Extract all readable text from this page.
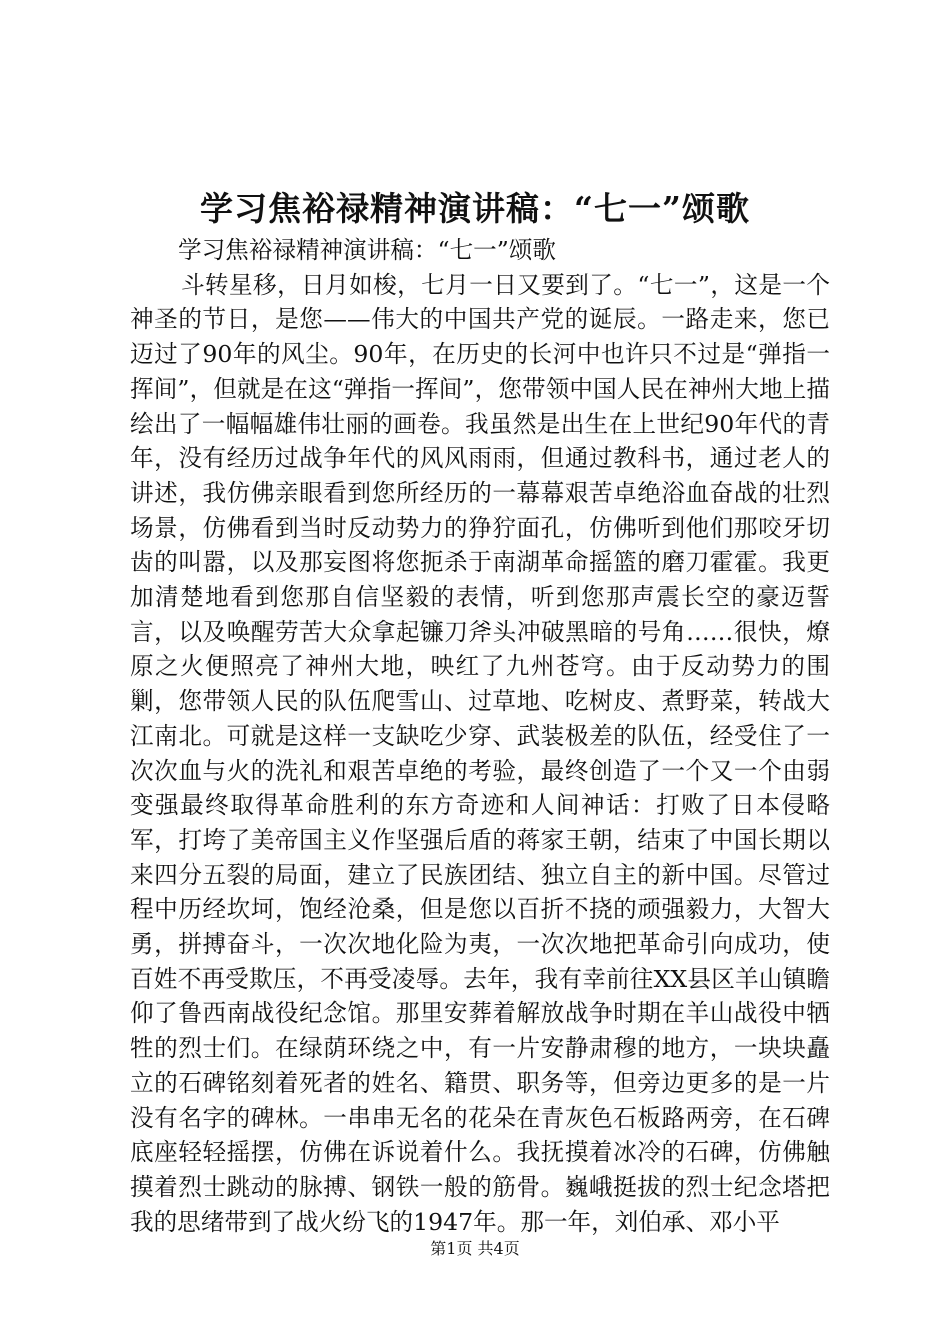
学习焦裕禄精神演讲稿：“七一”颂歌
学习焦裕禄精神演讲稿：“七一”颂歌

斗转星移，日月如梭，七月一日又要到了。“七一”，这是一个神圣的节日，是您——伟大的中国共产党的诞辰。一路走来，您已迈过了90年的风尘。90年，在历史的长河中也许只不过是“弹指一挥间”，但就是在这“弹指一挥间”，您带领中国人民在神州大地上描绘出了一幅幅雄伟壮丽的画卷。我虽然是出生在上世纪90年代的青年，没有经历过战争年代的风风雨雨，但通过教科书，通过老人的讲述，我仿佛亲眼看到您所经历的一幕幕艰苦卓绝浴血奋战的壮烈场景，仿佛看到当时反动势力的狰狞面孔，仿佛听到他们那咬牙切齿的叫嚣，以及那妄图将您扼杀于南湖革命摇篮的磨刀霍霍。我更加清楚地看到您那自信坚毅的表情，听到您那声震长空的豪迈誓言，以及唤醒劳苦大众拿起镰刀斧头冲破黑暗的号角……很快，燎原之火便照亮了神州大地，映红了九州苍穹。由于反动势力的围剿，您带领人民的队伍爬雪山、过草地、吃树皮、煮野菜，转战大江南北。可就是这样一支缺吃少穿、武装极差的队伍，经受住了一次次血与火的洗礼和艰苦卓绝的考验，最终创造了一个又一个由弱变强最终取得革命胜利的东方奇迹和人间神话：打败了日本侵略军，打垮了美帝国主义作坚强后盾的蒋家王朝，结束了中国长期以来四分五裂的局面，建立了民族团结、独立自主的新中国。尽管过程中历经坎坷，饱经沧桑，但是您以百折不挠的顽强毅力，大智大勇，拼搏奋斗，一次次地化险为夷，一次次地把革命引向成功，使百姓不再受欺压，不再受凌辱。去年，我有幸前往XX县区羊山镇瞻仰了鲁西南战役纪念馆。那里安葬着解放战争时期在羊山战役中牺牲的烈士们。在绿荫环绕之中，有一片安静肃穆的地方，一块块矗立的石碑铭刻着死者的姓名、籍贯、职务等，但旁边更多的是一片没有名字的碑林。一串串无名的花朵在青灰色石板路两旁，在石碑底座轻轻摇摆，仿佛在诉说着什么。我抚摸着冰冷的石碑，仿佛触摸着烈士跳动的脉搏、钢铁一般的筋骨。巍峨挺拔的烈士纪念塔把我的思绪带到了战火纷飞的1947年。那一年，刘伯承、邓小平

第1页 共4页
